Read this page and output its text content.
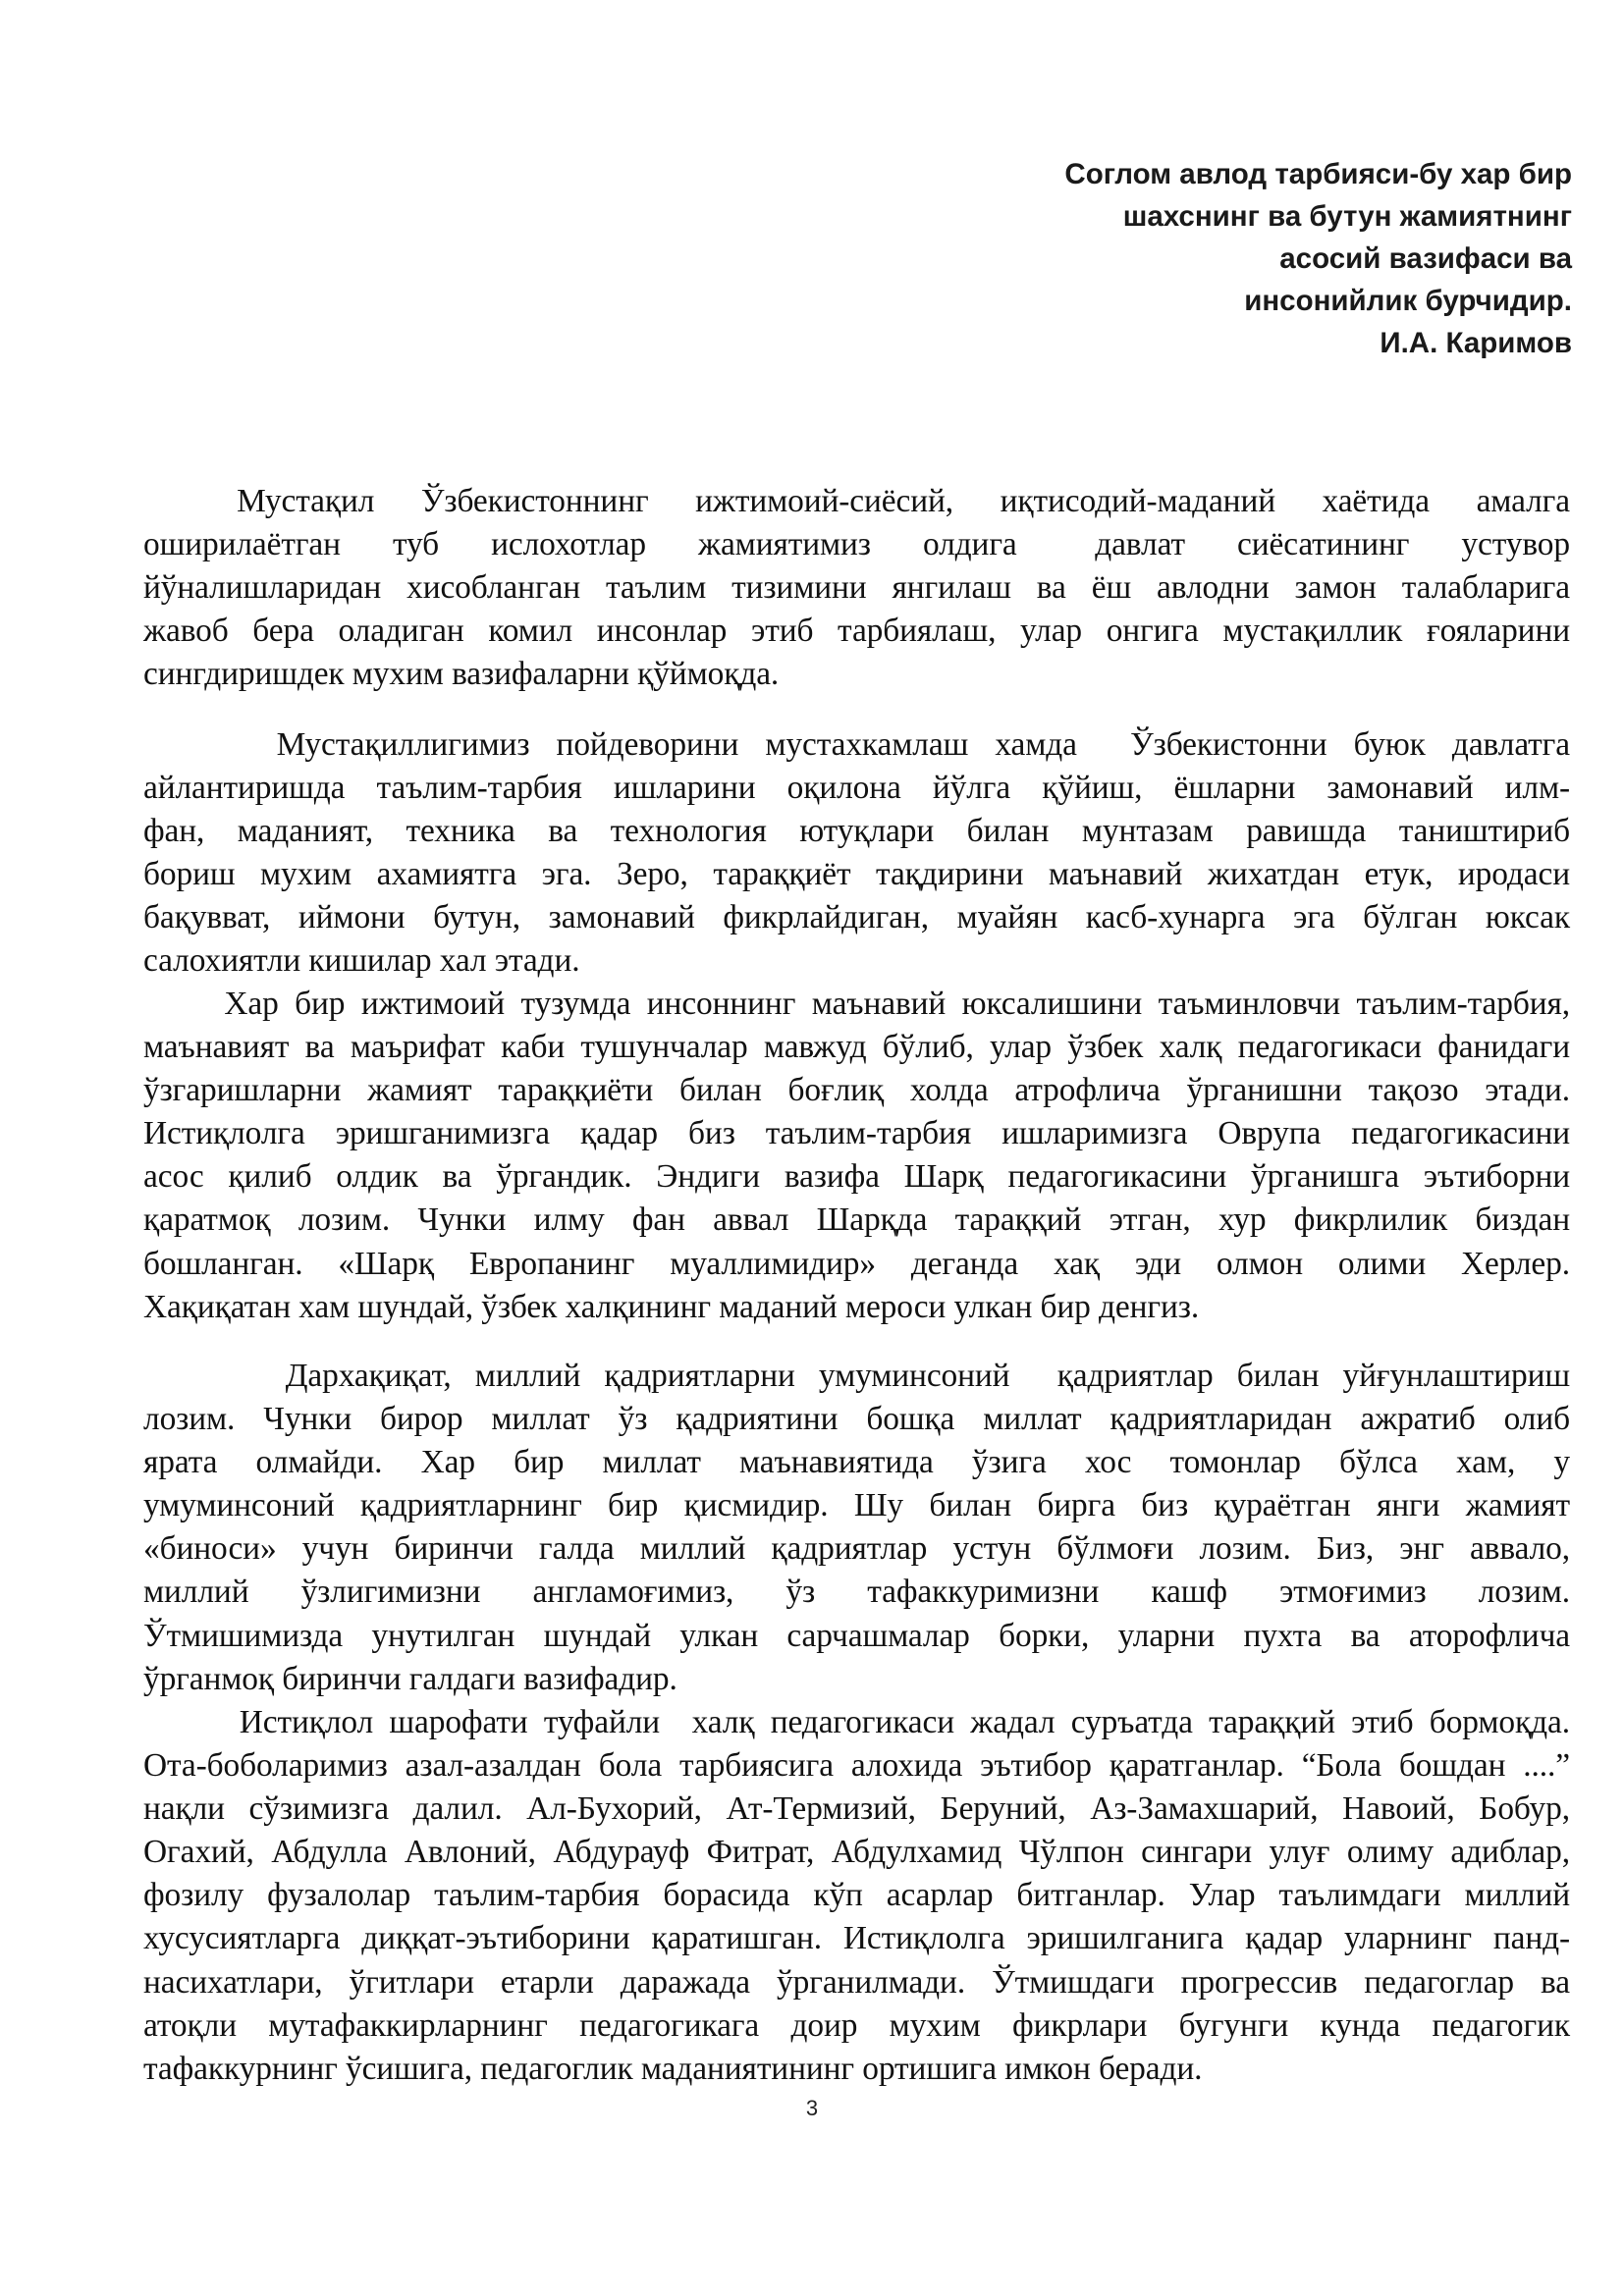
Соглом авлод тарбияси-бу хар бир
шахснинг ва бутун жамиятнинг
асосий вазифаси ва
инсонийлик бурчидир.
И.А. Каримов
Мустақил  Ўзбекистоннинг  ижтимоий-сиёсий,  иқтисодий-маданий  хаётида  амалга
оширилаётган  туб  ислохотлар  жамиятимиз  олдига   давлат  сиёсатининг  устувор
йўналишларидан хисобланган таълим тизимини янгилаш ва ёш авлодни замон талабларига
жавоб бера оладиган комил инсонлар этиб тарбиялаш, улар онгига мустақиллик ғояларини
сингдиришдек мухим вазифаларни қўймоқда.
Мустақиллигимиз пойдеворини мустахкамлаш хамда  Ўзбекистонни буюк давлатга
айлантиришда таълим-тарбия ишларини оқилона йўлга қўйиш, ёшларни замонавий илм-
фан, маданият, техника ва технология ютуқлари билан мунтазам равишда таништириб
бориш мухим ахамиятга эга. Зеро, тараққиёт тақдирини маънавий жихатдан етук, иродаси
бақувват, иймони бутун, замонавий фикрлайдиган, муайян касб-хунарга эга бўлган юксак
салохиятли кишилар хал этади.
Хар бир ижтимоий тузумда инсоннинг маънавий юксалишини таъминловчи таълим-тарбия,
маънавият ва маърифат каби тушунчалар мавжуд бўлиб, улар ўзбек халқ педагогикаси фанидаги
ўзгаришларни жамият тараққиёти билан боғлиқ холда атрофлича ўрганишни тақозо этади.
Истиқлолга эришганимизга қадар биз таълим-тарбия ишларимизга Оврупа педагогикасини
асос қилиб олдик ва ўргандик. Эндиги вазифа Шарқ педагогикасини ўрганишга эътиборни
қаратмоқ лозим. Чунки илму фан аввал Шарқда тараққий этган, хур фикрлилик биздан
бошланган. «Шарқ Европанинг муаллимидир» деганда хақ эди олмон олими Херлер.
Хақиқатан хам шундай, ўзбек халқининг маданий мероси улкан бир денгиз.
Дархақиқат, миллий қадриятларни умуминсоний  қадриятлар билан уйғунлаштириш
лозим. Чунки бирор миллат ўз қадриятини бошқа миллат қадриятларидан ажратиб олиб
ярата  олмайди.  Хар  бир  миллат  маънавиятида  ўзига  хос  томонлар  бўлса  хам,  у
умуминсоний қадриятларнинг бир қисмидир. Шу билан бирга биз қураётган янги жамият
«биноси» учун биринчи галда миллий қадриятлар устун бўлмоғи лозим. Биз, энг аввало,
миллий  ўзлигимизни  англамоғимиз,  ўз  тафаккуримизни  кашф  этмоғимиз  лозим.
Ўтмишимизда унутилган шундай улкан сарчашмалар борки, уларни пухта ва аторофлича
ўрганмоқ биринчи галдаги вазифадир.
Истиқлол шарофати туфайли  халқ педагогикаси жадал суръатда тараққий этиб бормоқда.
Ота-боболаримиз азал-азалдан бола тарбиясига алохида эътибор қаратганлар. “Бола бошдан ....”
нақли сўзимизга далил. Ал-Бухорий, Ат-Термизий, Беруний, Аз-Замахшарий, Навоий, Бобур,
Огахий, Абдулла Авлоний, Абдурауф Фитрат, Абдулхамид Чўлпон сингари улуғ олиму адиблар,
фозилу фузалолар таълим-тарбия борасида кўп асарлар битганлар. Улар таълимдаги миллий
хусусиятларга диққат-эътиборини қаратишган. Истиқлолга эришилганига қадар уларнинг панд-
насихатлари, ўгитлари етарли даражада ўрганилмади. Ўтмишдаги прогрессив педагоглар ва
атоқли мутафаккирларнинг педагогикага доир мухим фикрлари бугунги кунда педагогик
тафаккурнинг ўсишига, педагоглик маданиятининг ортишига имкон беради.
3
